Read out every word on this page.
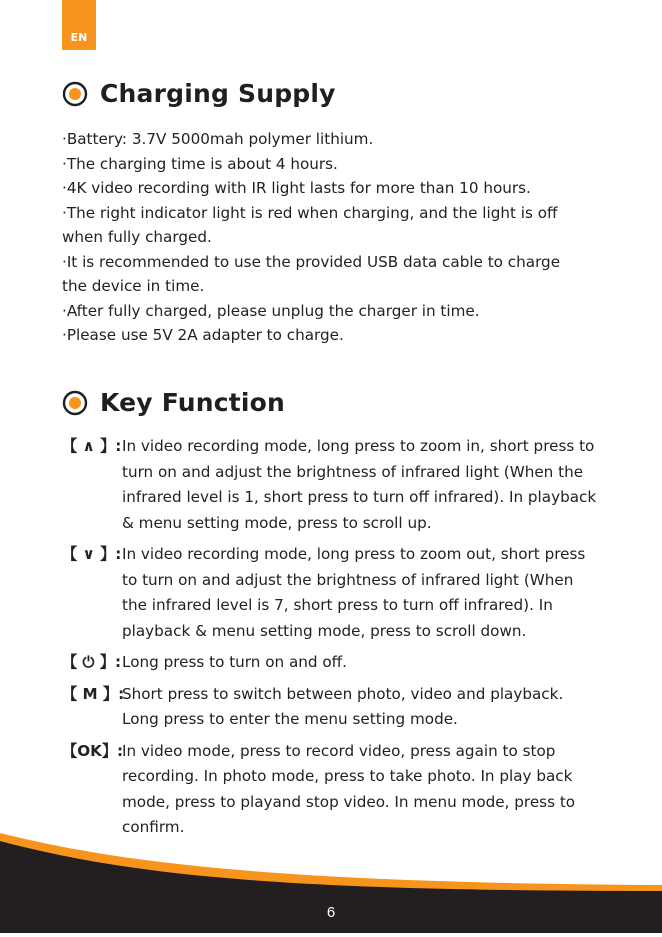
EN
Charging Supply
·Battery: 3.7V 5000mah polymer lithium.
·The charging time is about 4 hours.
·4K video recording with IR light lasts for more than 10 hours.
·The right indicator light is red when charging, and the light is off
when fully charged.
·It is recommended to use the provided USB data cable to charge
the device in time.
·After fully charged, please unplug the charger in time.
·Please use 5V 2A adapter to charge.
Key Function
【 ∧ 】: In video recording mode, long press to zoom in, short press to
turn on and adjust the brightness of infrared light (When the
infrared level is 1, short press to turn off infrared). In playback
& menu setting mode, press to scroll up.
【 ∨ 】: In video recording mode, long press to zoom out, short press
to turn on and adjust the brightness of infrared light (When
the infrared level is 7, short press to turn off infrared). In
playback & menu setting mode, press to scroll down.
【 ⏻ 】: Long press to turn on and off.
【 M 】:
Short press to switch between photo, video and playback.
Long press to enter the menu setting mode.
【OK】:
In video mode, press to record video, press again to stop
recording. In photo mode, press to take photo. In play back
mode, press to playand stop video. In menu mode, press to
confirm.
6
